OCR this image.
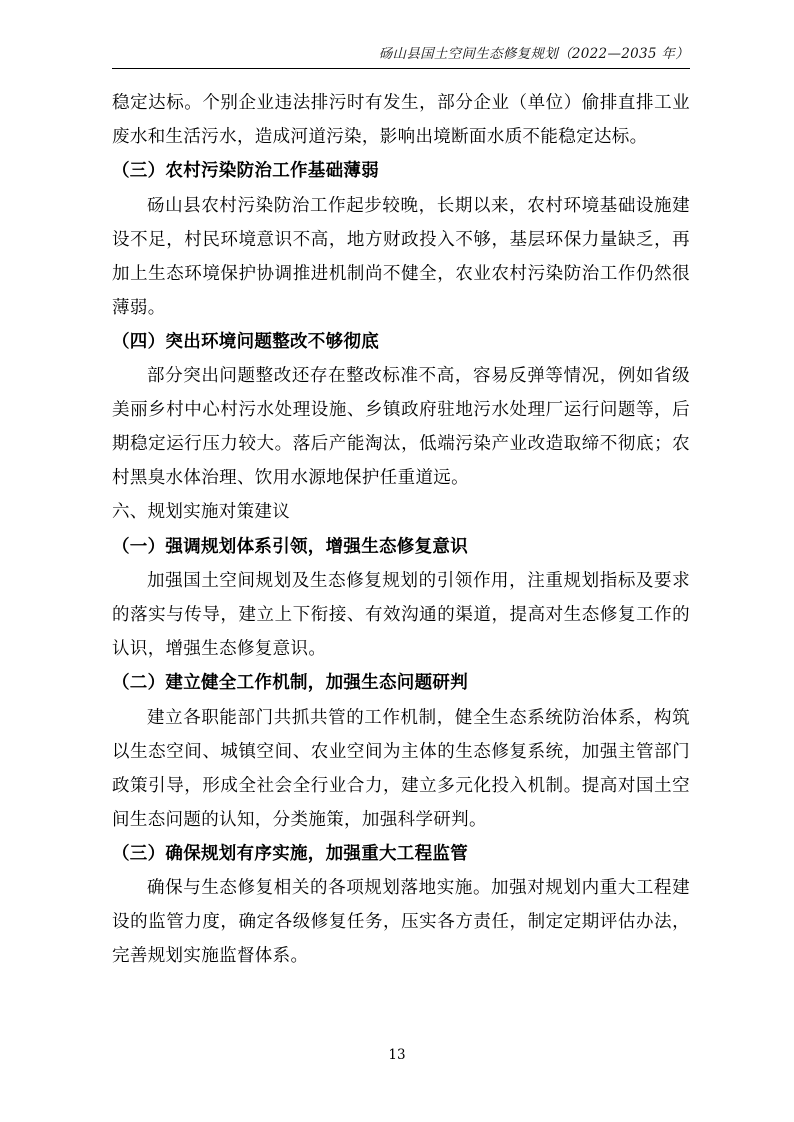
砀山县国土空间生态修复规划（2022—2035 年）

稳定达标。个别企业违法排污时有发生，部分企业（单位）偷排直排工业废水和生活污水，造成河道污染，影响出境断面水质不能稳定达标。

（三）农村污染防治工作基础薄弱

砀山县农村污染防治工作起步较晚，长期以来，农村环境基础设施建设不足，村民环境意识不高，地方财政投入不够，基层环保力量缺乏，再加上生态环境保护协调推进机制尚不健全，农业农村污染防治工作仍然很薄弱。

（四）突出环境问题整改不够彻底

部分突出问题整改还存在整改标准不高，容易反弹等情况，例如省级美丽乡村中心村污水处理设施、乡镇政府驻地污水处理厂运行问题等，后期稳定运行压力较大。落后产能淘汰，低端污染产业改造取缔不彻底；农村黑臭水体治理、饮用水源地保护任重道远。

六、规划实施对策建议

（一）强调规划体系引领，增强生态修复意识

加强国土空间规划及生态修复规划的引领作用，注重规划指标及要求的落实与传导，建立上下衔接、有效沟通的渠道，提高对生态修复工作的认识，增强生态修复意识。

（二）建立健全工作机制，加强生态问题研判

建立各职能部门共抓共管的工作机制，健全生态系统防治体系，构筑以生态空间、城镇空间、农业空间为主体的生态修复系统，加强主管部门政策引导，形成全社会全行业合力，建立多元化投入机制。提高对国土空间生态问题的认知，分类施策，加强科学研判。

（三）确保规划有序实施，加强重大工程监管

确保与生态修复相关的各项规划落地实施。加强对规划内重大工程建设的监管力度，确定各级修复任务，压实各方责任，制定定期评估办法，完善规划实施监督体系。

13
